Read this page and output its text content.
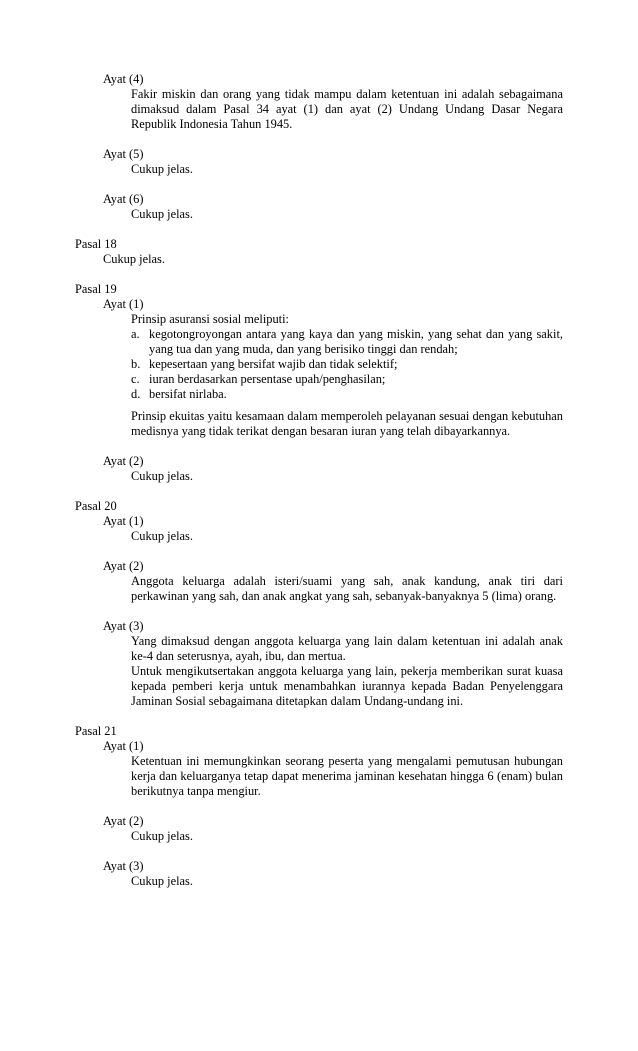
Ayat (4)
Fakir miskin dan orang yang tidak mampu dalam ketentuan ini adalah sebagaimana dimaksud dalam Pasal 34 ayat (1) dan ayat (2) Undang Undang Dasar Negara Republik Indonesia Tahun 1945.
Ayat (5)
Cukup jelas.
Ayat (6)
Cukup jelas.
Pasal 18
Cukup jelas.
Pasal 19
Ayat (1)

Prinsip asuransi sosial meliputi:

a. kegotongroyongan antara yang kaya dan yang miskin, yang sehat dan yang sakit, yang tua dan yang muda, dan yang berisiko tinggi dan rendah;
b. kepesertaan yang bersifat wajib dan tidak selektif;
c. iuran berdasarkan persentase upah/penghasilan;
d. bersifat nirlaba.

Prinsip ekuitas yaitu kesamaan dalam memperoleh pelayanan sesuai dengan kebutuhan medisnya yang tidak terikat dengan besaran iuran yang telah dibayarkannya.

Ayat (2)
Cukup jelas.
Pasal 20
Ayat (1)
Cukup jelas.
Ayat (2)
Anggota keluarga adalah isteri/suami yang sah, anak kandung, anak tiri dari perkawinan yang sah, dan anak angkat yang sah, sebanyak-banyaknya 5 (lima) orang.
Ayat (3)

Yang dimaksud dengan anggota keluarga yang lain dalam ketentuan ini adalah anak ke-4 dan seterusnya, ayah, ibu, dan mertua.

Untuk mengikutsertakan anggota keluarga yang lain, pekerja memberikan surat kuasa kepada pemberi kerja untuk menambahkan iurannya kepada Badan Penyelenggara Jaminan Sosial sebagaimana ditetapkan dalam Undang-undang ini.

Pasal 21
Ayat (1)
Ketentuan ini memungkinkan seorang peserta yang mengalami pemutusan hubungan kerja dan keluarganya tetap dapat menerima jaminan kesehatan hingga 6 (enam) bulan berikutnya tanpa mengiur.
Ayat (2)
Cukup jelas.
Ayat (3)
Cukup jelas.
